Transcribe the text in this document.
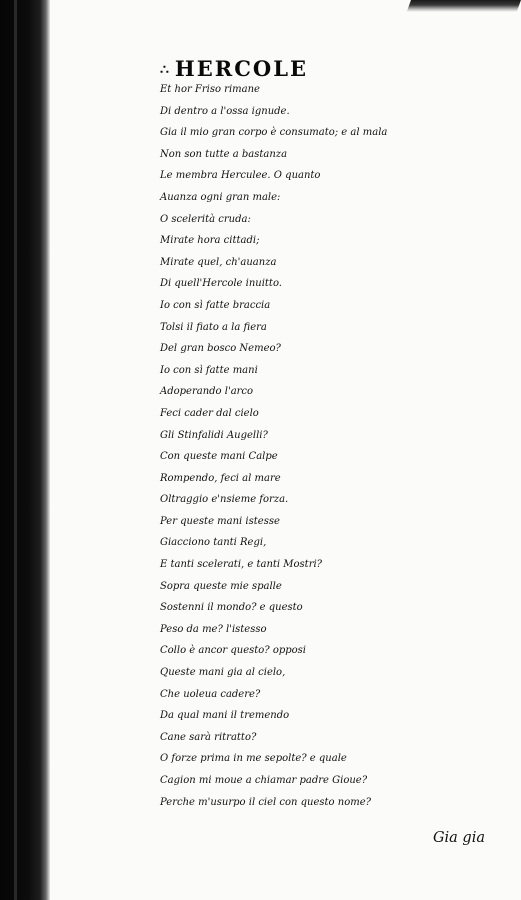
∴ HERCOLE
Et hor Friso rimane
Di dentro a l'ossa ignude.
Gia il mio gran corpo è consumato; e al mala
Non son tutte a bastanza
Le membra Herculee. O quanto
Auanza ogni gran male:
O scelerità cruda:
Mirate hora cittadi;
Mirate quel, ch'auanza
Di quell'Hercole inuitto.
Io con sì fatte braccia
Tolsi il fiato a la fiera
Del gran bosco Nemeo?
Io con sì fatte mani
Adoperando l'arco
Feci cader dal cielo
Gli Stinfalidi Augelli?
Con queste mani Calpe
Rompendo, feci al mare
Oltraggio e'nsieme forza.
Per queste mani istesse
Giacciono tanti Regi,
E tanti scelerati, e tanti Mostri?
Sopra queste mie spalle
Sostenni il mondo? e questo
Peso da me? l'istesso
Collo è ancor questo? opposi
Queste mani gia al cielo,
Che uoleua cadere?
Da qual mani il tremendo
Cane sarà ritratto?
O forze prima in me sepolte? e quale
Cagion mi moue a chiamar padre Gioue?
Perche m'usurpo il ciel con questo nome?
Gia gia
